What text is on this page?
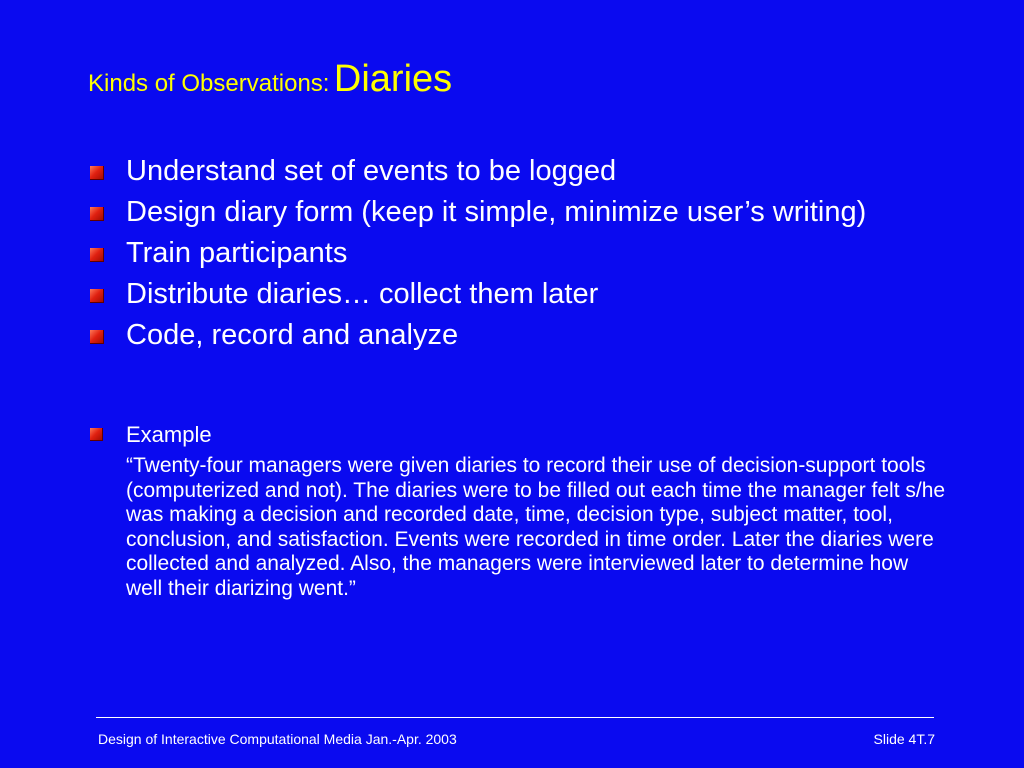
Kinds of Observations: Diaries
Understand set of events to be logged
Design diary form (keep it simple, minimize user’s writing)
Train participants
Distribute diaries… collect them later
Code, record and analyze
Example
“Twenty-four managers were given diaries to record their use of decision-support tools (computerized and not). The diaries were to be filled out each time the manager felt s/he was making a decision and recorded date, time, decision type, subject matter, tool, conclusion, and satisfaction. Events were recorded in time order. Later the diaries were collected and analyzed. Also, the managers were interviewed later to determine how well their diarizing went.”
Design of Interactive Computational Media Jan.-Apr. 2003	Slide 4T.7
